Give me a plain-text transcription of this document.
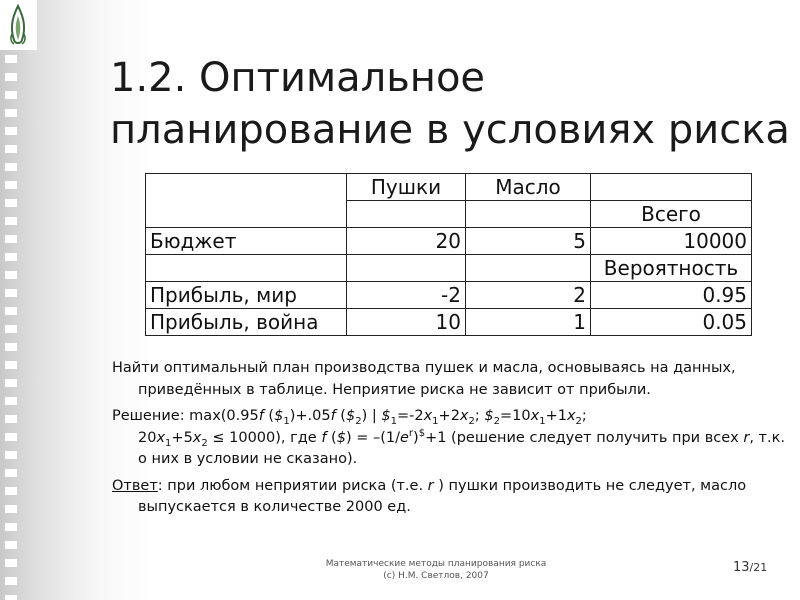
1.2. Оптимальное
планирование в условиях риска
	Пушки	Масло	
			Всего
Бюджет	20	5	10000
			Вероятность
Прибыль, мир	-2	2	0.95
Прибыль, война	10	1	0.05

Найти оптимальный план производства пушек и масла, основываясь на данных, приведённых в таблице. Неприятие риска не зависит от прибыли.

Решение: max(0.95f $(\$_1)+.05f$ $(\$_2)$ | $\$_1=-2x_1+2x_2$; $\$_2=10x_1+1x_2$;
$20x_1+5x_2 \le 10000$), где f ($) = $-(1/e^r)^{\$}+1$ (решение следует получить при всех r, т.к. о них в условии не сказано).

Ответ: при любом неприятии риска (т.е. r ) пушки производить не следует, масло выпускается в количестве 2000 ед.

Математические методы планирования риска
(с) Н.М. Светлов, 2007
13/21
